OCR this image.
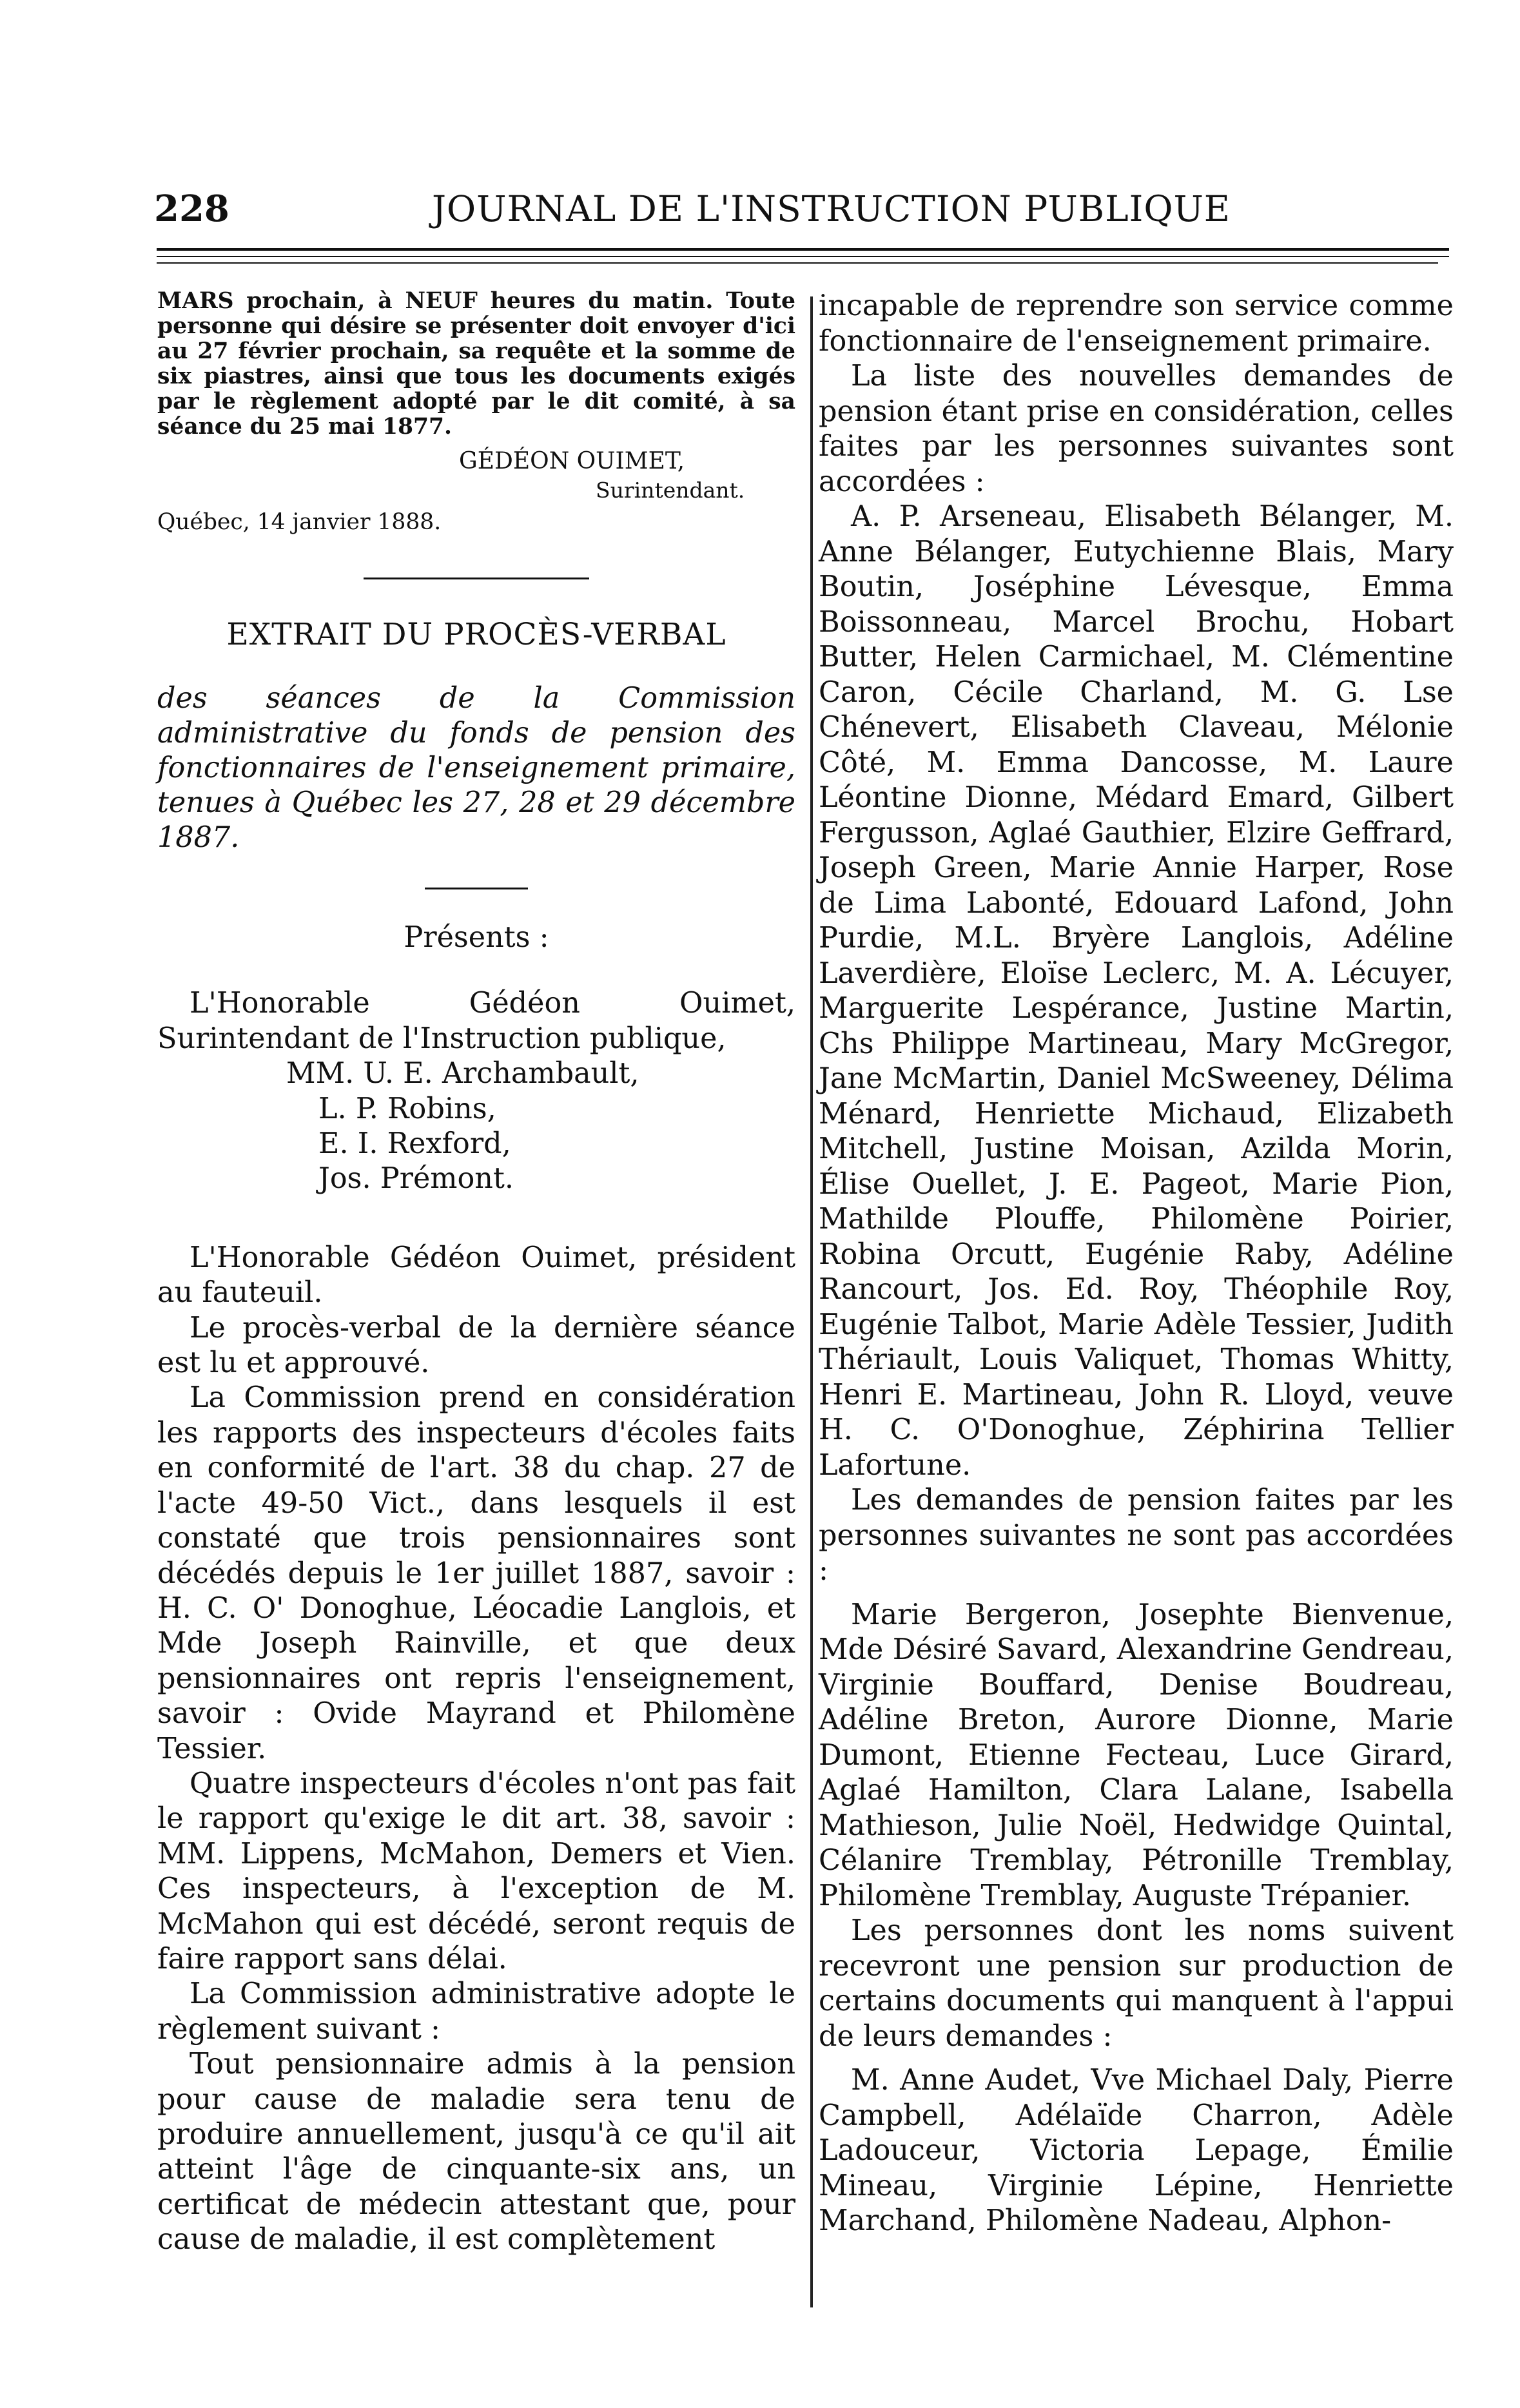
228	JOURNAL DE L'INSTRUCTION PUBLIQUE

MARS prochain, à NEUF heures du matin. Toute personne qui désire se présenter doit envoyer d'ici au 27 février prochain, sa requête et la somme de six piastres, ainsi que tous les documents exigés par le règlement adopté par le dit comité, à sa séance du 25 mai 1877.

GÉDÉON OUIMET,

Surintendant.

Québec, 14 janvier 1888.

EXTRAIT DU PROCÈS-VERBAL

des séances de la Commission administrative du fonds de pension des fonctionnaires de l'enseignement primaire, tenues à Québec les 27, 28 et 29 décembre 1887.

Présents :

L'Honorable Gédéon Ouimet, Surintendant de l'Instruction publique,

MM. U. E. Archambault,
L. P. Robins,
E. I. Rexford,
Jos. Prémont.

L'Honorable Gédéon Ouimet, président au fauteuil.

Le procès-verbal de la dernière séance est lu et approuvé.

La Commission prend en considération les rapports des inspecteurs d'écoles faits en conformité de l'art. 38 du chap. 27 de l'acte 49-50 Vict., dans lesquels il est constaté que trois pensionnaires sont décédés depuis le 1er juillet 1887, savoir : H. C. O' Donoghue, Léocadie Langlois, et Mde Joseph Rainville, et que deux pensionnaires ont repris l'enseignement, savoir : Ovide Mayrand et Philomène Tessier.

Quatre inspecteurs d'écoles n'ont pas fait le rapport qu'exige le dit art. 38, savoir : MM. Lippens, McMahon, Demers et Vien. Ces inspecteurs, à l'exception de M. McMahon qui est décédé, seront requis de faire rapport sans délai.

La Commission administrative adopte le règlement suivant :

Tout pensionnaire admis à la pension pour cause de maladie sera tenu de produire annuellement, jusqu'à ce qu'il ait atteint l'âge de cinquante-six ans, un certificat de médecin attestant que, pour cause de maladie, il est complètement

incapable de reprendre son service comme fonctionnaire de l'enseignement primaire.

La liste des nouvelles demandes de pension étant prise en considération, celles faites par les personnes suivantes sont accordées :

A. P. Arseneau, Elisabeth Bélanger, M. Anne Bélanger, Eutychienne Blais, Mary Boutin, Joséphine Lévesque, Emma Boissonneau, Marcel Brochu, Hobart Butter, Helen Carmichael, M. Clémentine Caron, Cécile Charland, M. G. Lse Chénevert, Elisabeth Claveau, Mélonie Côté, M. Emma Dancosse, M. Laure Léontine Dionne, Médard Emard, Gilbert Fergusson, Aglaé Gauthier, Elzire Geffrard, Joseph Green, Marie Annie Harper, Rose de Lima Labonté, Edouard Lafond, John Purdie, M.L. Bryère Langlois, Adéline Laverdière, Eloïse Leclerc, M. A. Lécuyer, Marguerite Lespérance, Justine Martin, Chs Philippe Martineau, Mary McGregor, Jane McMartin, Daniel McSweeney, Délima Ménard, Henriette Michaud, Elizabeth Mitchell, Justine Moisan, Azilda Morin, Élise Ouellet, J. E. Pageot, Marie Pion, Mathilde Plouffe, Philomène Poirier, Robina Orcutt, Eugénie Raby, Adéline Rancourt, Jos. Ed. Roy, Théophile Roy, Eugénie Talbot, Marie Adèle Tessier, Judith Thériault, Louis Valiquet, Thomas Whitty, Henri E. Martineau, John R. Lloyd, veuve H. C. O'Donoghue, Zéphirina Tellier Lafortune.

Les demandes de pension faites par les personnes suivantes ne sont pas accordées :

Marie Bergeron, Josephte Bienvenue, Mde Désiré Savard, Alexandrine Gendreau, Virginie Bouffard, Denise Boudreau, Adéline Breton, Aurore Dionne, Marie Dumont, Etienne Fecteau, Luce Girard, Aglaé Hamilton, Clara Lalane, Isabella Mathieson, Julie Noël, Hedwidge Quintal, Célanire Tremblay, Pétronille Tremblay, Philomène Tremblay, Auguste Trépanier.

Les personnes dont les noms suivent recevront une pension sur production de certains documents qui manquent à l'appui de leurs demandes :

M. Anne Audet, Vve Michael Daly, Pierre Campbell, Adélaïde Charron, Adèle Ladouceur, Victoria Lepage, Émilie Mineau, Virginie Lépine, Henriette Marchand, Philomène Nadeau, Alphon-
